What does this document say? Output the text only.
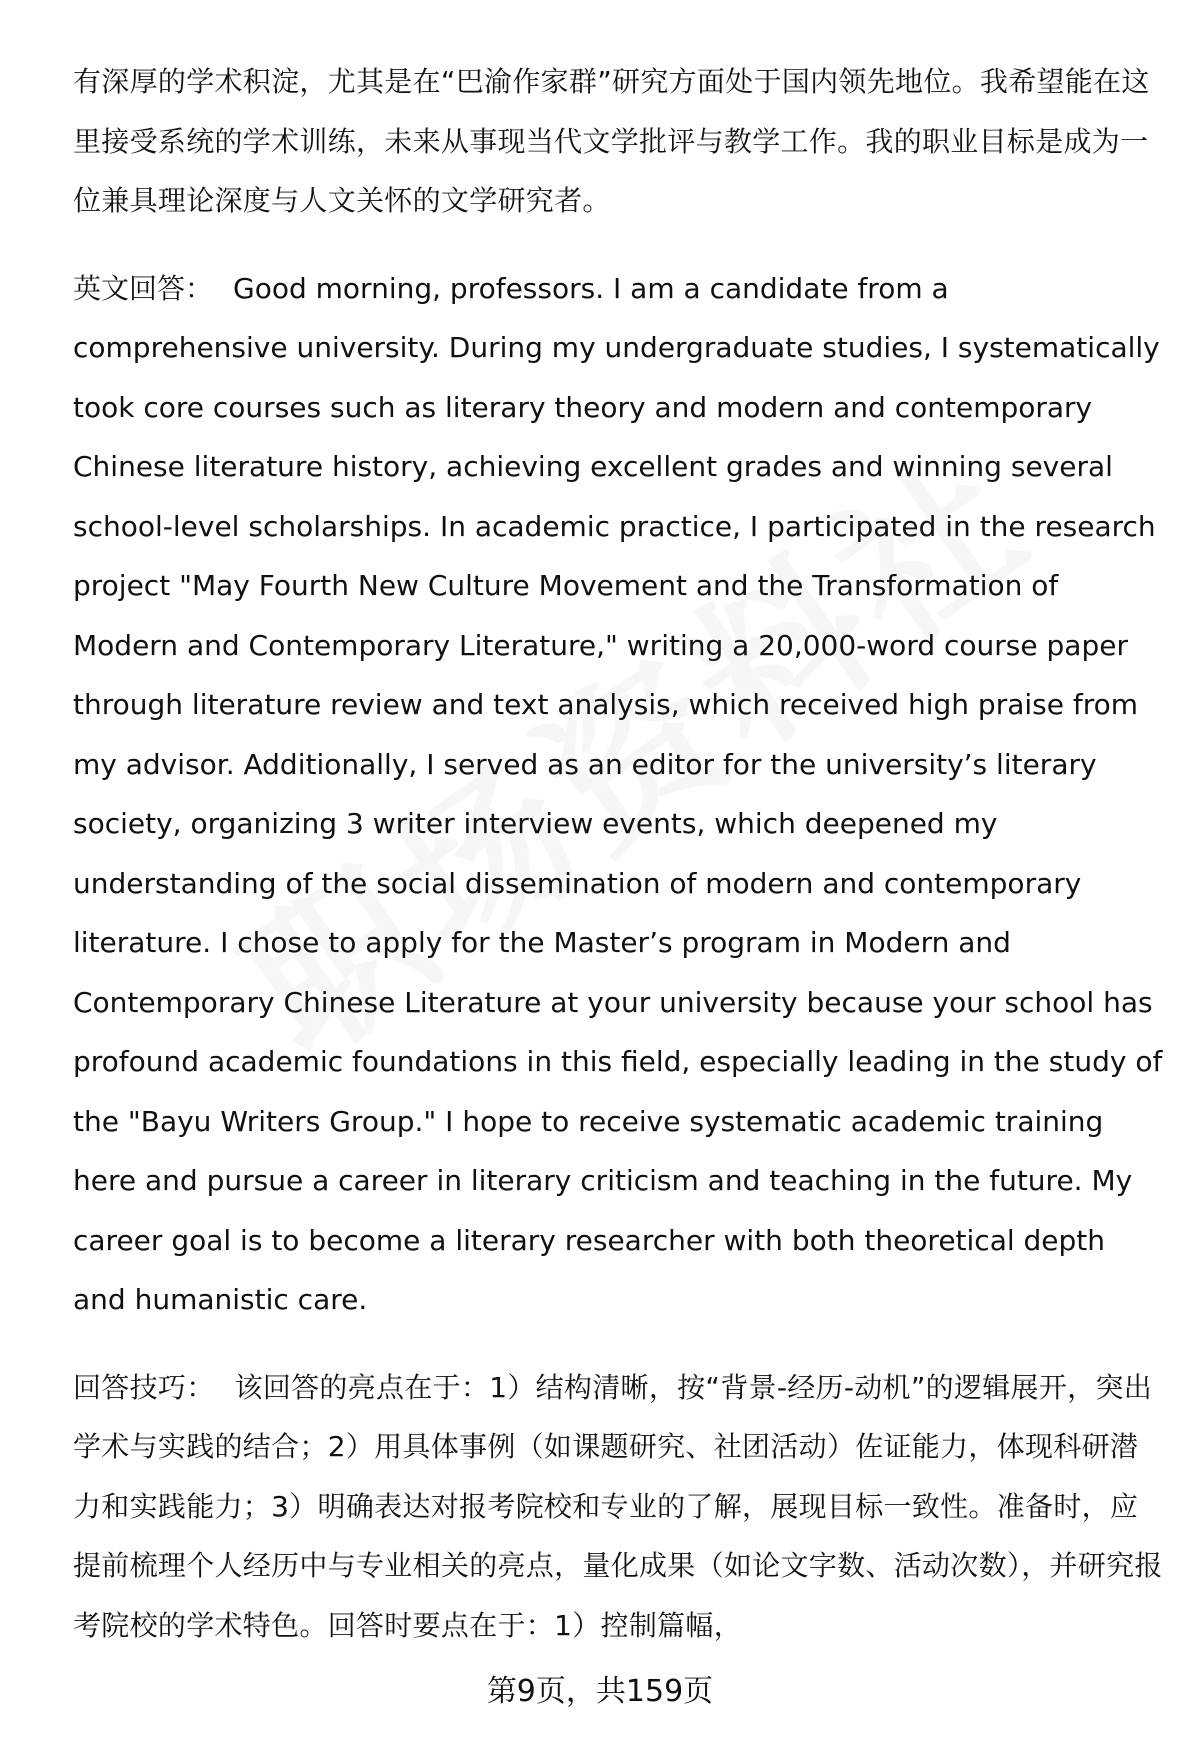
有深厚的学术积淀，尤其是在“巴渝作家群”研究方面处于国内领先地位。我希望能在这里接受系统的学术训练，未来从事现当代文学批评与教学工作。我的职业目标是成为一位兼具理论深度与人文关怀的文学研究者。

英文回答： Good morning, professors. I am a candidate from a comprehensive university. During my undergraduate studies, I systematically took core courses such as literary theory and modern and contemporary Chinese literature history, achieving excellent grades and winning several school-level scholarships. In academic practice, I participated in the research project "May Fourth New Culture Movement and the Transformation of Modern and Contemporary Literature," writing a 20,000-word course paper through literature review and text analysis, which received high praise from my advisor. Additionally, I served as an editor for the university’s literary society, organizing 3 writer interview events, which deepened my understanding of the social dissemination of modern and contemporary literature. I chose to apply for the Master’s program in Modern and Contemporary Chinese Literature at your university because your school has profound academic foundations in this field, especially leading in the study of the "Bayu Writers Group." I hope to receive systematic academic training here and pursue a career in literary criticism and teaching in the future. My career goal is to become a literary researcher with both theoretical depth and humanistic care.

回答技巧： 该回答的亮点在于：1）结构清晰，按“背景-经历-动机”的逻辑展开，突出学术与实践的结合；2）用具体事例（如课题研究、社团活动）佐证能力，体现科研潜力和实践能力；3）明确表达对报考院校和专业的了解，展现目标一致性。准备时，应提前梳理个人经历中与专业相关的亮点，量化成果（如论文字数、活动次数），并研究报考院校的学术特色。回答时要点在于：1）控制篇幅，

第9页，共159页
